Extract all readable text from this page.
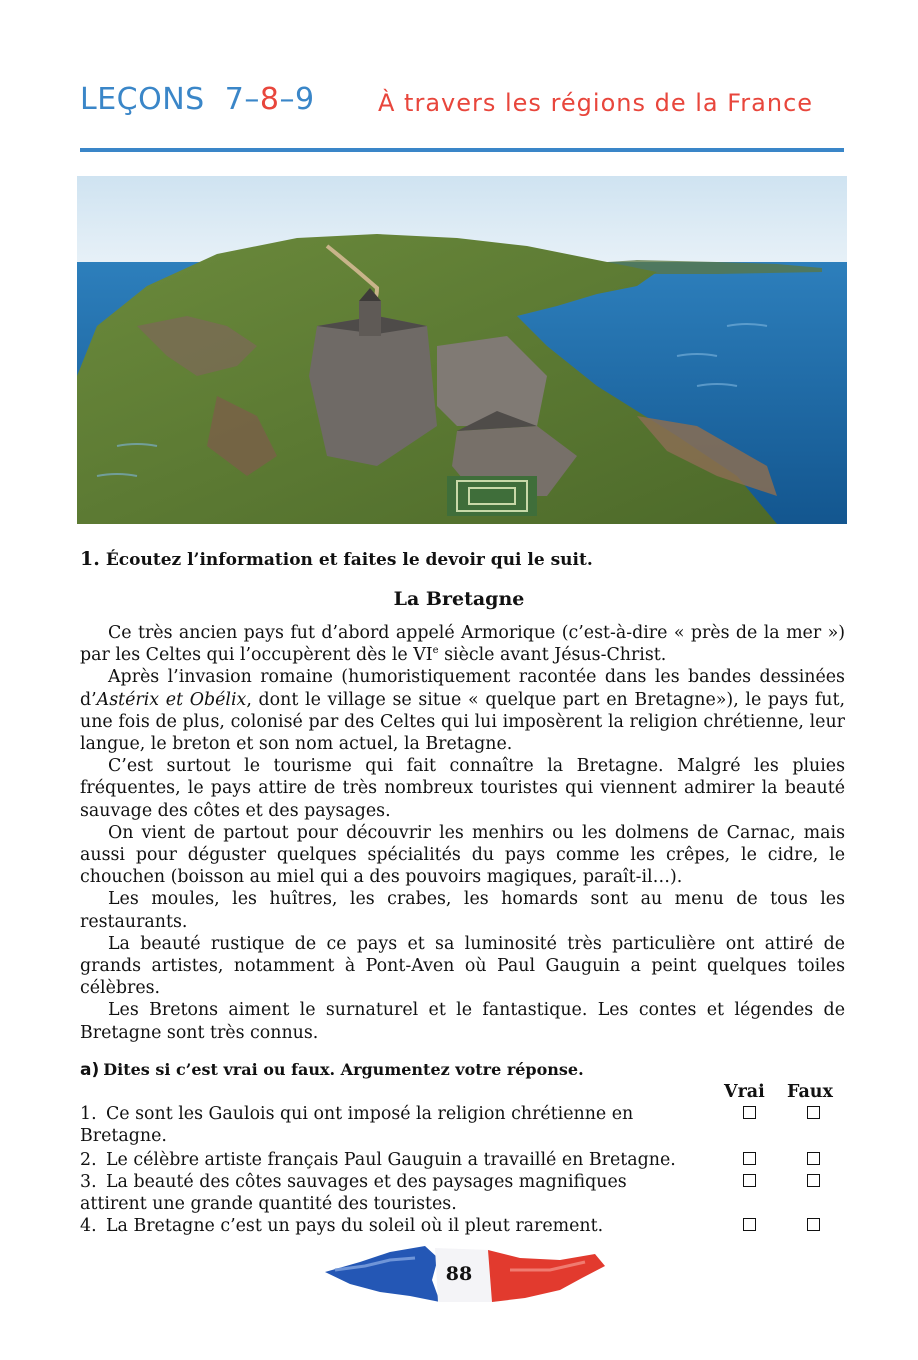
LEÇONS 7–8–9	À travers les régions de la France
1. Écoutez l’information et faites le devoir qui le suit.
La Bretagne

Ce très ancien pays fut d’abord appelé Armorique (c’est-à-dire « près de la mer ») par les Celtes qui l’occupèrent dès le VIe siècle avant Jésus-Christ.

Après l’invasion romaine (humoristiquement racontée dans les bandes dessinées d’Astérix et Obélix, dont le village se situe « quelque part en Bretagne»), le pays fut, une fois de plus, colonisé par des Celtes qui lui imposèrent la religion chrétienne, leur langue, le breton et son nom actuel, la Bretagne.

C’est surtout le tourisme qui fait connaître la Bretagne. Malgré les pluies fréquentes, le pays attire de très nombreux touristes qui viennent admirer la beauté sauvage des côtes et des paysages.

On vient de partout pour découvrir les menhirs ou les dolmens de Carnac, mais aussi pour déguster quelques spécialités du pays comme les crêpes, le cidre, le chouchen (boisson au miel qui a des pouvoirs magiques, paraît-il…).

Les moules, les huîtres, les crabes, les homards sont au menu de tous les restaurants.

La beauté rustique de ce pays et sa luminosité très particulière ont attiré de grands artistes, notamment à Pont-Aven où Paul Gauguin a peint quelques toiles célèbres.

Les Bretons aiment le surnaturel et le fantastique. Les contes et légendes de Bretagne sont très connus.

a) Dites si c’est vrai ou faux. Argumentez votre réponse.
Vrai Faux
1. Ce sont les Gaulois qui ont imposé la religion chrétienne en Bretagne.
2. Le célèbre artiste français Paul Gauguin a travaillé en Bretagne.
3. La beauté des côtes sauvages et des paysages magnifiques attirent une grande quantité des touristes.
4. La Bretagne c’est un pays du soleil où il pleut rarement.
88
